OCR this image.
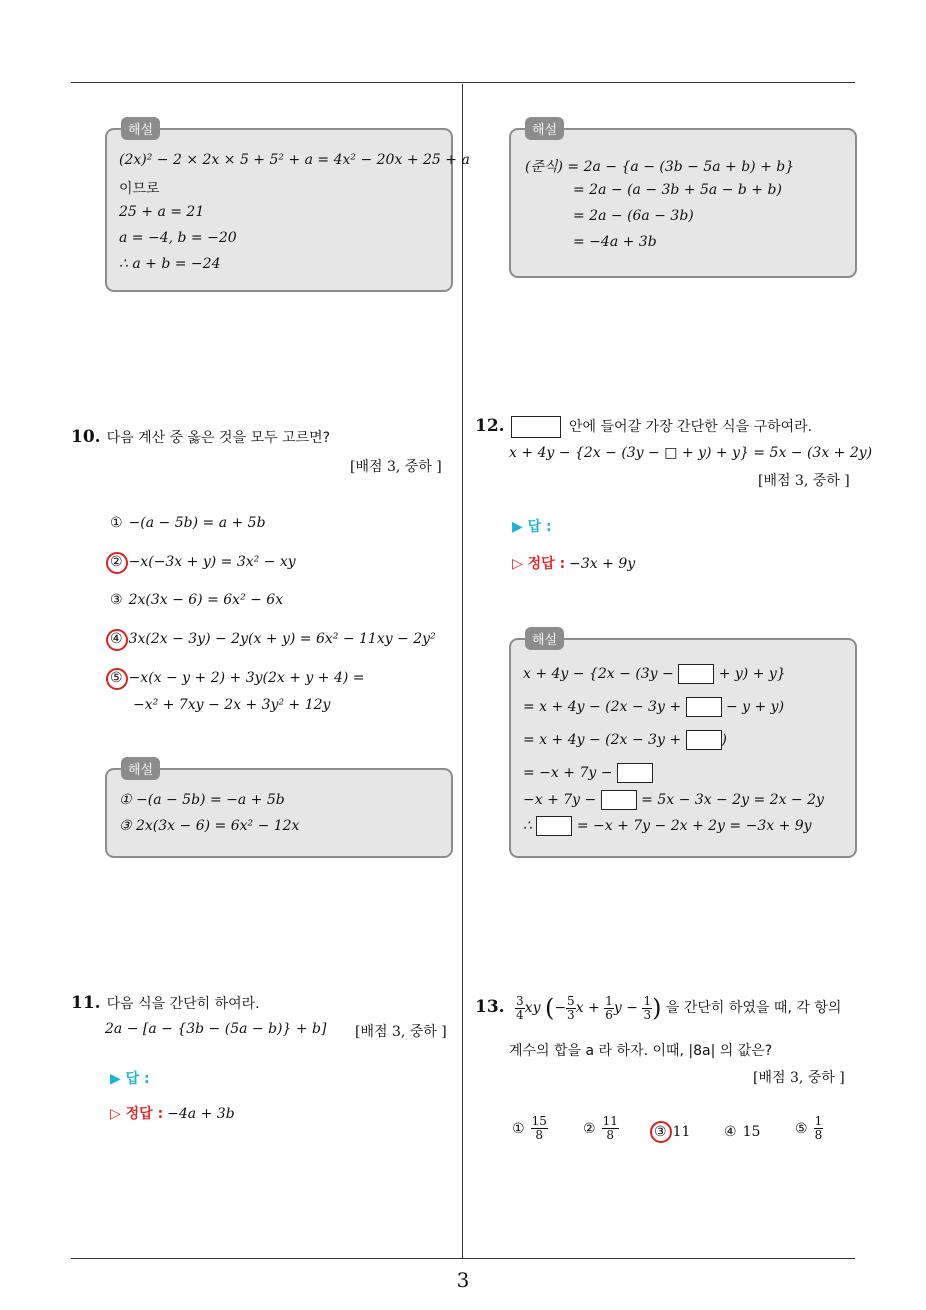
해설
(2x)² − 2 × 2x × 5 + 5² + a = 4x² − 20x + 25 + a
이므로
25 + a = 21
a = −4, b = −20
∴ a + b = −24
해설
(준식) = 2a − {a − (3b − 5a + b) + b}
= 2a − (a − 3b + 5a − b + b)
= 2a − (6a − 3b)
= −4a + 3b
10. 다음 계산 중 옳은 것을 모두 고르면?
[배점 3, 중하 ]
① −(a − 5b) = a + 5b
② −x(−3x + y) = 3x² − xy
③ 2x(3x − 6) = 6x² − 6x
④ 3x(2x − 3y) − 2y(x + y) = 6x² − 11xy − 2y²
⑤ −x(x − y + 2) + 3y(2x + y + 4) =
−x² + 7xy − 2x + 3y² + 12y
해설
① −(a − 5b) = −a + 5b
③ 2x(3x − 6) = 6x² − 12x
11. 다음 식을 간단히 하여라.
2a − [a − {3b − (5a − b)} + b] [배점 3, 중하 ]
▶ 답 :
▷ 정답 : −4a + 3b
12.	안에 들어갈 가장 간단한 식을 구하여라.
x + 4y − {2x − (3y − □ + y) + y} = 5x − (3x + 2y)
[배점 3, 중하 ]
▶ 답 :
▷ 정답 : −3x + 9y
해설
x + 4y − {2x − (3y −	+ y) + y}
= x + 4y − (2x − 3y +	− y + y)
= x + 4y − (2x − 3y +	)
= −x + 7y −
−x + 7y −	= 5x − 3x − 2y = 2x − 2y
∴	= −x + 7y − 2x + 2y = −3x + 9y
13. $\frac{3}{4}$ xy (− $\frac{5}{3}$ $x + \frac{1}{6}$ $y - \frac{1}{3}$ ) 을 간단히 하였을 때, 각 항의
계수의 합을 a 라 하자. 이때, |8a| 의 값은?
[배점 3, 중하 ]
① $\frac{15}{8}$	② $\frac{11}{8}$	③ 11 ④ 15 ⑤ $\frac{1}{8}$
3
